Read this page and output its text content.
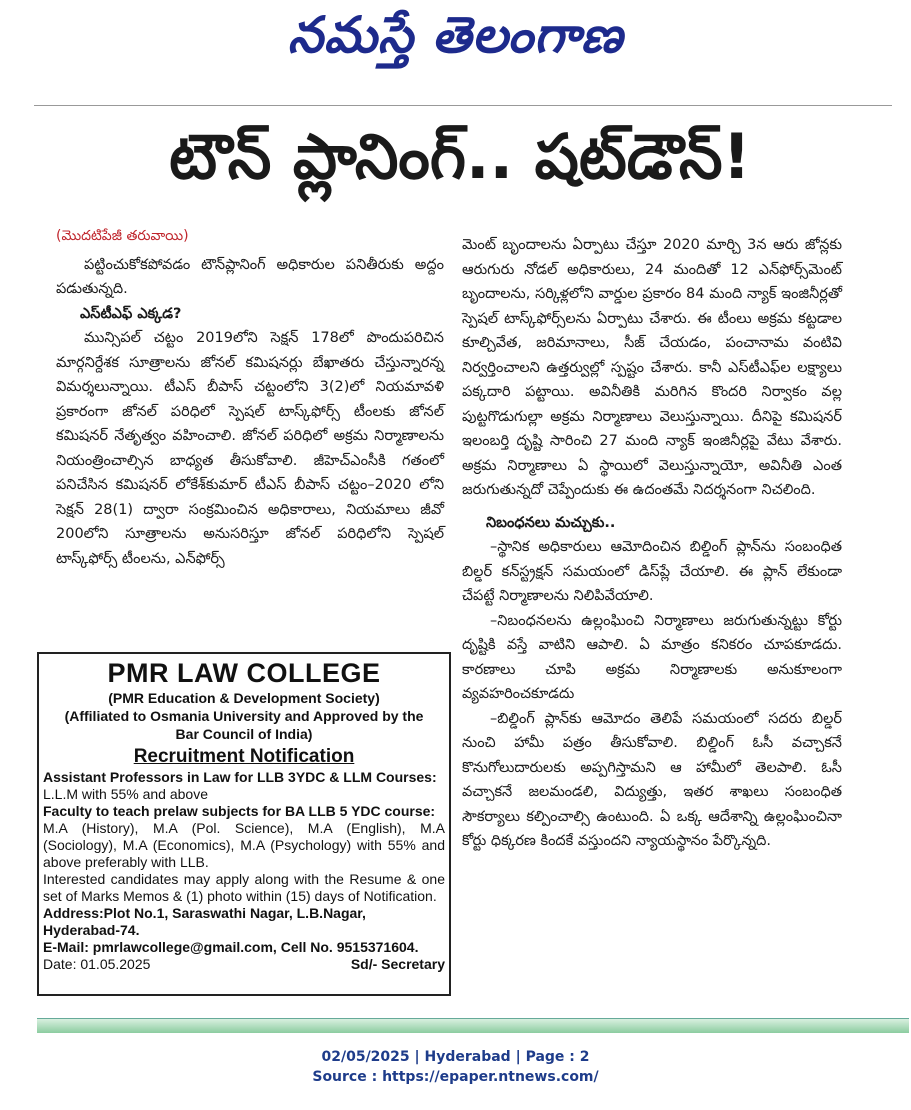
నమస్తే తెలంగాణ
టౌన్ ప్లానింగ్.. షట్‌డౌన్!

(మొదటిపేజీ తరువాయి)

పట్టించుకోకపోవడం టౌన్‌ప్లానింగ్ అధికారుల పనితీరుకు అద్దం పడుతున్నది.

ఎస్‌టీఎఫ్ ఎక్కడ?

మున్సిపల్ చట్టం 2019లోని సెక్షన్ 178లో పొందుపరిచిన మార్గనిర్దేశక సూత్రాలను జోనల్ కమిషనర్లు బేఖాతరు చేస్తున్నారన్న విమర్శలున్నాయి. టీఎస్ బీపాస్ చట్టంలోని 3(2)లో నియమావళి ప్రకారంగా జోనల్ పరిధిలో స్పెషల్ టాస్క్‌ఫోర్స్ టీంలకు జోనల్ కమిషనర్ నేతృత్వం వహించాలి. జోనల్ పరిధిలో అక్రమ నిర్మాణాలను నియంత్రించాల్సిన బాధ్యత తీసుకోవాలి. జీహెచ్‌ఎంసీకి గతంలో పనిచేసిన కమిషనర్ లోకేశ్‌కుమార్ టీఎస్ బీపాస్ చట్టం–2020 లోని సెక్షన్ 28(1) ద్వారా సంక్రమించిన అధికారాలు, నియమాలు జీవో 200లోని సూత్రాలను అనుసరిస్తూ జోనల్ పరిధిలోని స్పెషల్ టాస్క్‌ఫోర్స్ టీంలను, ఎన్‌ఫోర్స్

మెంట్ బృందాలను ఏర్పాటు చేస్తూ 2020 మార్చి 3న ఆరు జోన్లకు ఆరుగురు నోడల్ అధికారులు, 24 మందితో 12 ఎన్‌ఫోర్స్‌మెంట్ బృందాలను, సర్కిళ్లలోని వార్డుల ప్రకారం 84 మంది న్యాక్ ఇంజినీర్లతో స్పెషల్ టాస్క్‌ఫోర్స్‌లను ఏర్పాటు చేశారు. ఈ టీంలు అక్రమ కట్టడాల కూల్చివేత, జరిమానాలు, సీజ్ చేయడం, పంచానామ వంటివి నిర్వర్తించాలని ఉత్తర్వుల్లో స్పష్టం చేశారు. కానీ ఎస్‌టీఎఫ్‌ల లక్ష్యాలు పక్కదారి పట్టాయి. అవినీతికి మరిగిన కొందరి నిర్వాకం వల్ల పుట్టగొడుగుల్లా అక్రమ నిర్మాణాలు వెలుస్తున్నాయి. దీనిపై కమిషనర్ ఇలంబర్తి దృష్టి సారించి 27 మంది న్యాక్ ఇంజినీర్లపై వేటు వేశారు. అక్రమ నిర్మాణాలు ఏ స్థాయిలో వెలుస్తున్నాయో, అవినీతి ఎంత జరుగుతున్నదో చెప్పేందుకు ఈ ఉదంతమే నిదర్శనంగా నిచలింది.

నిబంధనలు మచ్చుకు..

–స్థానిక అధికారులు ఆమోదించిన బిల్డింగ్ ప్లాన్‌ను సంబంధిత బిల్డర్ కన్‌స్ట్రక్షన్ సమయంలో డిస్‌ప్లే చేయాలి. ఈ ప్లాన్ లేకుండా చేపట్టే నిర్మాణాలను నిలిపివేయాలి.

–నిబంధనలను ఉల్లంఘించి నిర్మాణాలు జరుగుతున్నట్టు కోర్టు దృష్టికి వస్తే వాటిని ఆపాలి. ఏ మాత్రం కనికరం చూపకూడదు. కారణాలు చూపి అక్రమ నిర్మాణాలకు అనుకూలంగా వ్యవహరించకూడదు

–బిల్డింగ్ ప్లాన్‌కు ఆమోదం తెలిపే సమయంలో సదరు బిల్డర్ నుంచి హామీ పత్రం తీసుకోవాలి. బిల్డింగ్ ఓసీ వచ్చాకనే కొనుగోలుదారులకు అప్పగిస్తామని ఆ హామీలో తెలపాలి. ఓసీ వచ్చాకనే జలమండలి, విద్యుత్తు, ఇతర శాఖలు సంబంధిత సౌకర్యాలు కల్పించాల్సి ఉంటుంది. ఏ ఒక్క ఆదేశాన్ని ఉల్లంఘించినా కోర్టు ధిక్కరణ కిందకే వస్తుందని న్యాయస్థానం పేర్కొన్నది.

PMR LAW COLLEGE
(PMR Education & Development Society)
(Affiliated to Osmania University and Approved by the
Bar Council of India)
Recruitment Notification
Assistant Professors in Law for LLB 3YDC & LLM Courses:
L.L.M with 55% and above
Faculty to teach prelaw subjects for BA LLB 5 YDC course:
M.A (History), M.A (Pol. Science), M.A (English), M.A (Sociology), M.A (Economics), M.A (Psychology) with 55% and above preferably with LLB.
Interested candidates may apply along with the Resume & one set of Marks Memos & (1) photo within (15) days of Notification.
Address:Plot No.1, Saraswathi Nagar, L.B.Nagar, Hyderabad-74.
E-Mail: pmrlawcollege@gmail.com, Cell No. 9515371604.
Date: 01.05.2025	Sd/- Secretary
02/05/2025 | Hyderabad | Page : 2
Source : https://epaper.ntnews.com/
